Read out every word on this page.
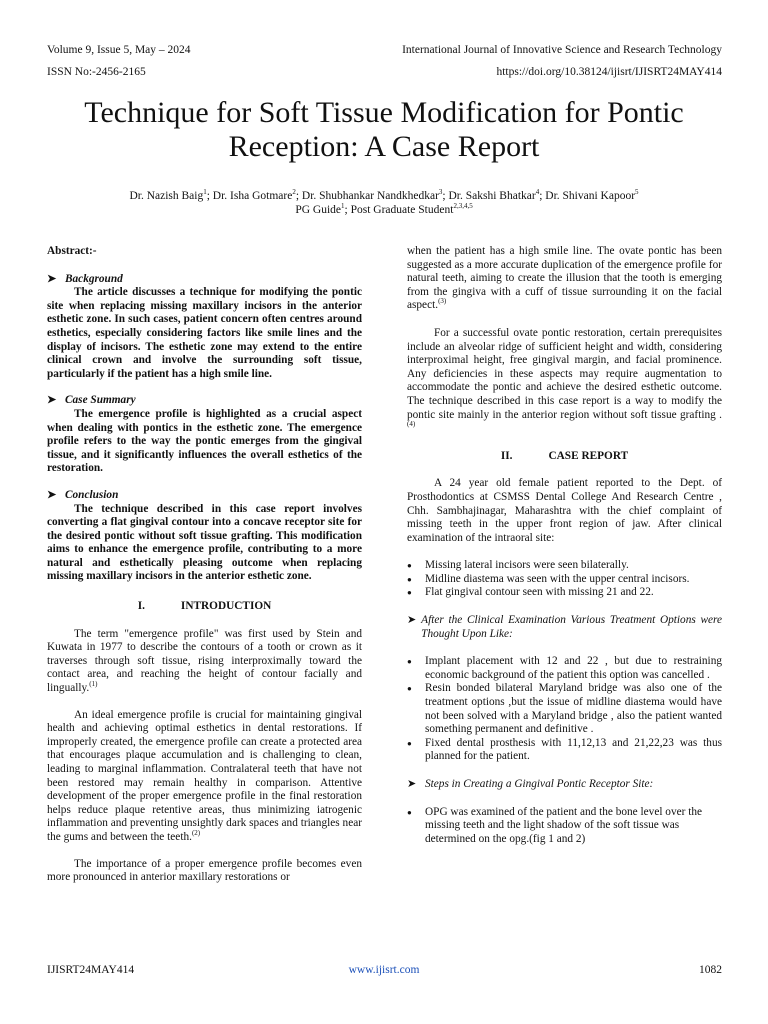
Volume 9, Issue 5, May – 2024	International Journal of Innovative Science and Research Technology
ISSN No:-2456-2165	https://doi.org/10.38124/ijisrt/IJISRT24MAY414
Technique for Soft Tissue Modification for Pontic Reception: A Case Report
Dr. Nazish Baig$^1$; Dr. Isha Gotmare$^2$; Dr. Shubhankar Nandkhedkar$^3$; Dr. Sakshi Bhatkar$^4$; Dr. Shivani Kapoor$^5$
PG Guide$^1$; Post Graduate Student$^{2,3,4,5}$

Abstract:-

➤ Background

The article discusses a technique for modifying the pontic site when replacing missing maxillary incisors in the anterior esthetic zone. In such cases, patient concern often centres around esthetics, especially considering factors like smile lines and the display of incisors. The esthetic zone may extend to the entire clinical crown and involve the surrounding soft tissue, particularly if the patient has a high smile line.

➤ Case Summary

The emergence profile is highlighted as a crucial aspect when dealing with pontics in the esthetic zone. The emergence profile refers to the way the pontic emerges from the gingival tissue, and it significantly influences the overall esthetics of the restoration.

➤ Conclusion

The technique described in this case report involves converting a flat gingival contour into a concave receptor site for the desired pontic without soft tissue grafting. This modification aims to enhance the emergence profile, contributing to a more natural and esthetically pleasing outcome when replacing missing maxillary incisors in the anterior esthetic zone.

I.	INTRODUCTION

The term "emergence profile" was first used by Stein and Kuwata in 1977 to describe the contours of a tooth or crown as it traverses through soft tissue, rising interproximally toward the contact area, and reaching the height of contour facially and lingually.$^{(1)}$

An ideal emergence profile is crucial for maintaining gingival health and achieving optimal esthetics in dental restorations. If improperly created, the emergence profile can create a protected area that encourages plaque accumulation and is challenging to clean, leading to marginal inflammation. Contralateral teeth that have not been restored may remain healthy in comparison. Attentive development of the proper emergence profile in the final restoration helps reduce plaque retentive areas, thus minimizing iatrogenic inflammation and preventing unsightly dark spaces and triangles near the gums and between the teeth.$^{(2)}$

The importance of a proper emergence profile becomes even more pronounced in anterior maxillary restorations or

when the patient has a high smile line. The ovate pontic has been suggested as a more accurate duplication of the emergence profile for natural teeth, aiming to create the illusion that the tooth is emerging from the gingiva with a cuff of tissue surrounding it on the facial aspect.$^{(3)}$

For a successful ovate pontic restoration, certain prerequisites include an alveolar ridge of sufficient height and width, considering interproximal height, free gingival margin, and facial prominence. Any deficiencies in these aspects may require augmentation to accommodate the pontic and achieve the desired esthetic outcome. The technique described in this case report is a way to modify the pontic site mainly in the anterior region without soft tissue grafting . $^{(4)}$

II.	CASE REPORT

A 24 year old female patient reported to the Dept. of Prosthodontics at CSMSS Dental College And Research Centre , Chh. Sambhajinagar, Maharashtra with the chief complaint of missing teeth in the upper front region of jaw. After clinical examination of the intraoral site:

● Missing lateral incisors were seen bilaterally.
● Midline diastema was seen with the upper central incisors.
● Flat gingival contour seen with missing 21 and 22.
➤ After the Clinical Examination Various Treatment Options were Thought Upon Like:
● Implant placement with 12 and 22 , but due to restraining economic background of the patient this option was cancelled .
● Resin bonded bilateral Maryland bridge was also one of the treatment options ,but the issue of midline diastema would have not been solved with a Maryland bridge , also the patient wanted something permanent and definitive .
● Fixed dental prosthesis with 11,12,13 and 21,22,23 was thus planned for the patient.
➤ Steps in Creating a Gingival Pontic Receptor Site:
● OPG was examined of the patient and the bone level over the missing teeth and the light shadow of the soft tissue was determined on the opg.(fig 1 and 2)
IJISRT24MAY414	www.ijisrt.com	1082
